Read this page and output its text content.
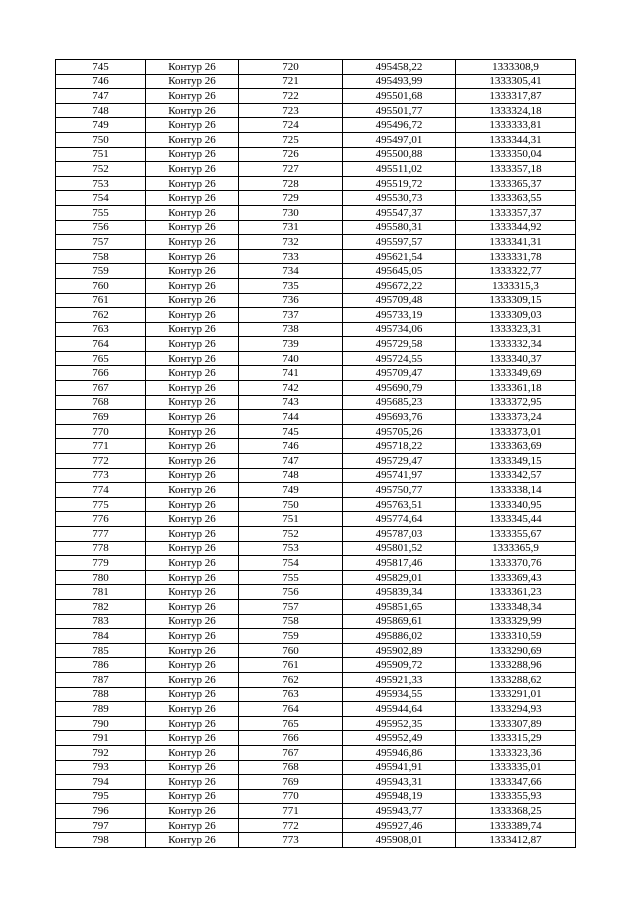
745	Контур 26	720	495458,22	1333308,9
746	Контур 26	721	495493,99	1333305,41
747	Контур 26	722	495501,68	1333317,87
748	Контур 26	723	495501,77	1333324,18
749	Контур 26	724	495496,72	1333333,81
750	Контур 26	725	495497,01	1333344,31
751	Контур 26	726	495500,88	1333350,04
752	Контур 26	727	495511,02	1333357,18
753	Контур 26	728	495519,72	1333365,37
754	Контур 26	729	495530,73	1333363,55
755	Контур 26	730	495547,37	1333357,37
756	Контур 26	731	495580,31	1333344,92
757	Контур 26	732	495597,57	1333341,31
758	Контур 26	733	495621,54	1333331,78
759	Контур 26	734	495645,05	1333322,77
760	Контур 26	735	495672,22	1333315,3
761	Контур 26	736	495709,48	1333309,15
762	Контур 26	737	495733,19	1333309,03
763	Контур 26	738	495734,06	1333323,31
764	Контур 26	739	495729,58	1333332,34
765	Контур 26	740	495724,55	1333340,37
766	Контур 26	741	495709,47	1333349,69
767	Контур 26	742	495690,79	1333361,18
768	Контур 26	743	495685,23	1333372,95
769	Контур 26	744	495693,76	1333373,24
770	Контур 26	745	495705,26	1333373,01
771	Контур 26	746	495718,22	1333363,69
772	Контур 26	747	495729,47	1333349,15
773	Контур 26	748	495741,97	1333342,57
774	Контур 26	749	495750,77	1333338,14
775	Контур 26	750	495763,51	1333340,95
776	Контур 26	751	495774,64	1333345,44
777	Контур 26	752	495787,03	1333355,67
778	Контур 26	753	495801,52	1333365,9
779	Контур 26	754	495817,46	1333370,76
780	Контур 26	755	495829,01	1333369,43
781	Контур 26	756	495839,34	1333361,23
782	Контур 26	757	495851,65	1333348,34
783	Контур 26	758	495869,61	1333329,99
784	Контур 26	759	495886,02	1333310,59
785	Контур 26	760	495902,89	1333290,69
786	Контур 26	761	495909,72	1333288,96
787	Контур 26	762	495921,33	1333288,62
788	Контур 26	763	495934,55	1333291,01
789	Контур 26	764	495944,64	1333294,93
790	Контур 26	765	495952,35	1333307,89
791	Контур 26	766	495952,49	1333315,29
792	Контур 26	767	495946,86	1333323,36
793	Контур 26	768	495941,91	1333335,01
794	Контур 26	769	495943,31	1333347,66
795	Контур 26	770	495948,19	1333355,93
796	Контур 26	771	495943,77	1333368,25
797	Контур 26	772	495927,46	1333389,74
798	Контур 26	773	495908,01	1333412,87
